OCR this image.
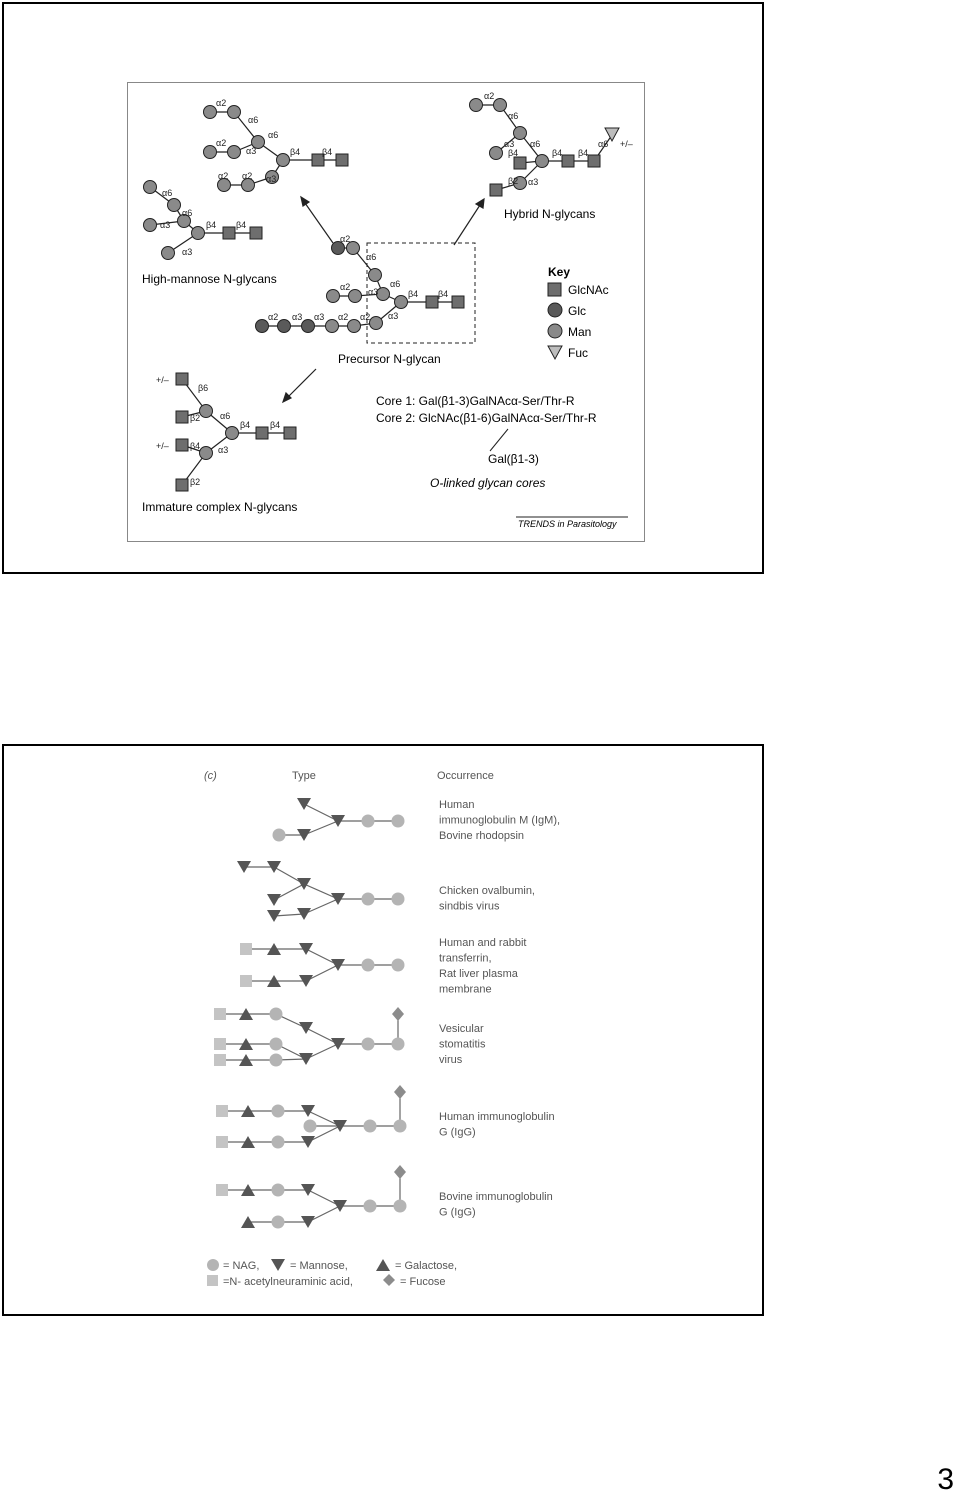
α2
α6
α2
α6
α3
α2 α2 α3
β4 β4
α6
α6
α3
α3
β4 β4
α2
α6
α2	α6
α3	β4 β4
α2 α3 α3 α2 α2 α3
α2
α6
α3 α6
β4	β4 β4
α6 +/–
β2 α3
+/–
β6
β2 α6
+/– β4 α3
β2
β4 β4
High-mannose N-glycans
Precursor N-glycan
Hybrid N-glycans
Immature complex N-glycans
Key
GlcNAc
Glc
Man
Fuc
Core 1: Gal(β1-3)GalNAcα-Ser/Thr-R
Core 2: GlcNAc(β1-6)GalNAcα-Ser/Thr-R
Gal(β1-3)
O-linked glycan cores
TRENDS in Parasitology
(c)	Type	Occurrence
Human
immunoglobulin M (IgM),
Bovine rhodopsin
Chicken ovalbumin,
sindbis virus
Human and rabbit
transferrin,
Rat liver plasma
membrane
Vesicular
stomatitis
virus
Human immunoglobulin
G (IgG)
Bovine immunoglobulin
G (IgG)
= NAG,	= Mannose,	= Galactose,
=N- acetylneuraminic acid,	= Fucose
3
